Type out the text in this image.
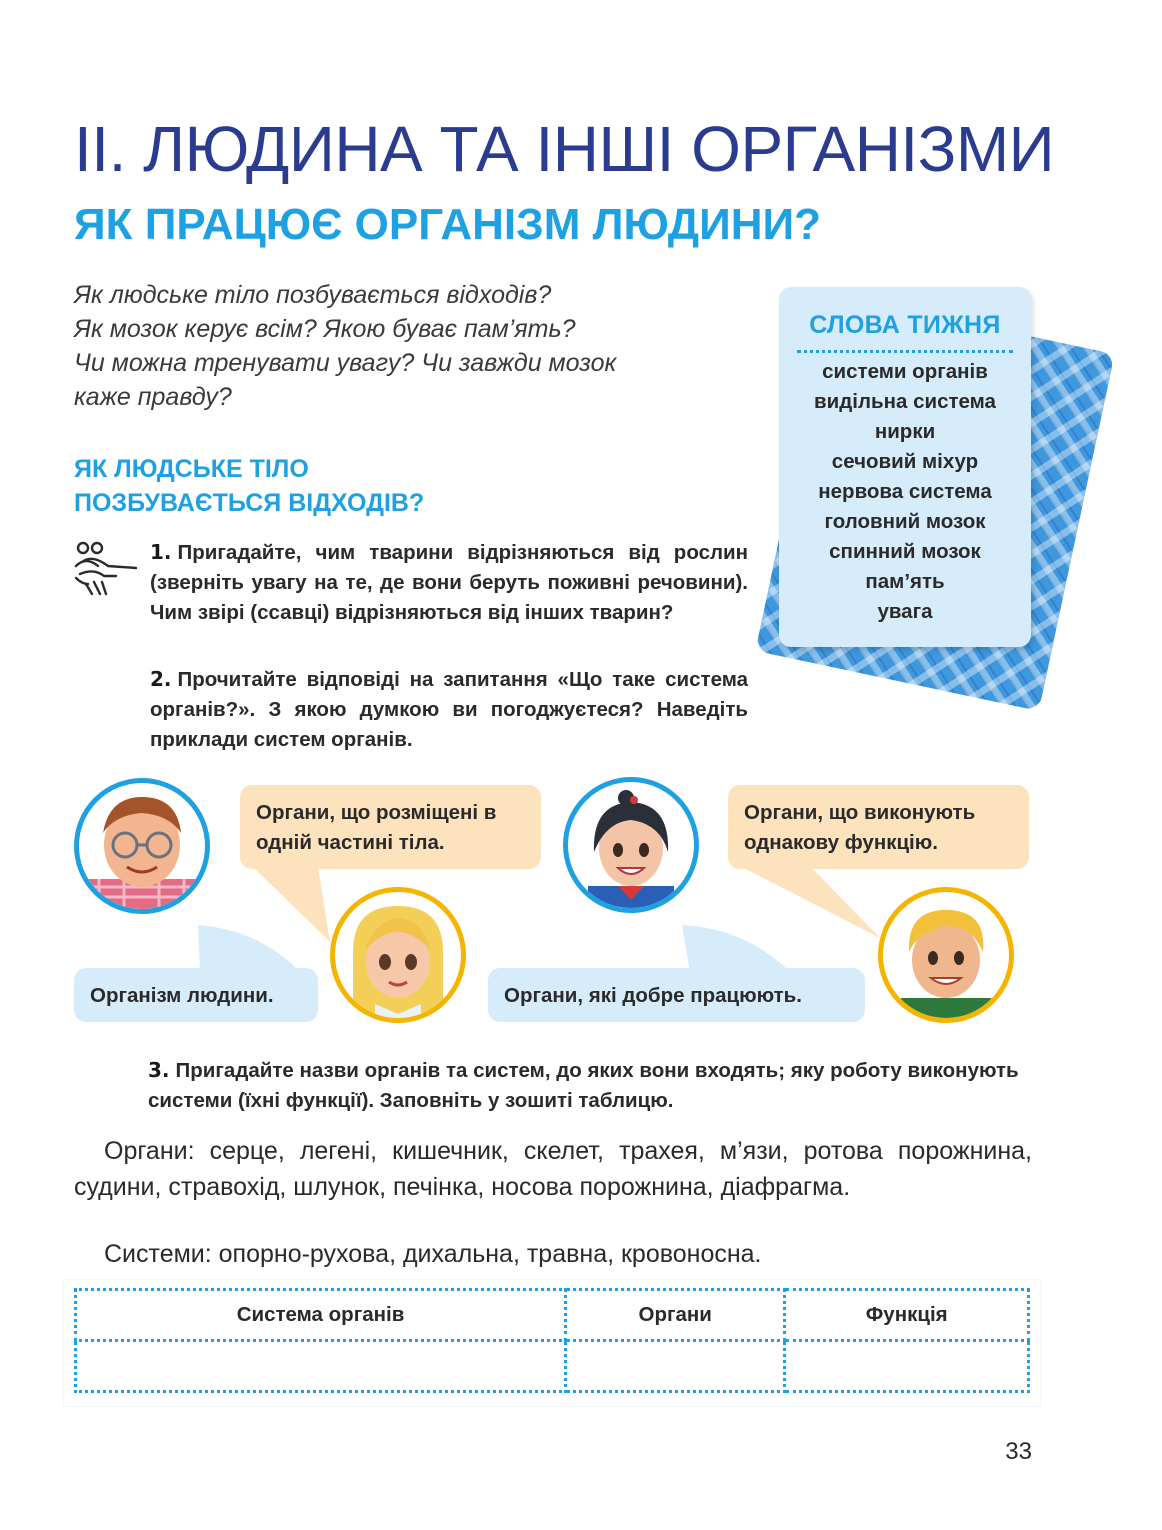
ІІ. ЛЮДИНА ТА ІНШІ ОРГАНІЗМИ
ЯК ПРАЦЮЄ ОРГАНІЗМ ЛЮДИНИ?
Як людське тіло позбувається відходів?
Як мозок керує всім? Якою буває пам’ять?
Чи можна тренувати увагу? Чи завжди мозок
каже правду?
СЛОВА ТИЖНЯ
системи органів
видільна система
нирки
сечовий міхур
нервова система
головний мозок
спинний мозок
пам’ять
увага
ЯК ЛЮДСЬКЕ ТІЛО
ПОЗБУВАЄТЬСЯ ВІДХОДІВ?
1. Пригадайте, чим тварини відрізняються від рослин (зверніть увагу на те, де вони беруть поживні речовини). Чим звірі (ссавці) відрізняються від інших тварин?
2. Прочитайте відповіді на запитання «Що таке система органів?». З якою думкою ви погоджуєтеся? Наведіть приклади систем органів.
Органи, що розміщені в одній частині тіла.
Організм людини.
Органи, що виконують однакову функцію.
Органи, які добре працюють.
3. Пригадайте назви органів та систем, до яких вони входять; яку роботу виконують системи (їхні функції). Заповніть у зошиті таблицю.
Органи: серце, легені, кишечник, скелет, трахея, м’язи, ротова порожнина, судини, стравохід, шлунок, печінка, носова порожнина, діафрагма.
Системи: опорно-рухова, дихальна, травна, кровоносна.
Система органів	Органи	Функція

33
